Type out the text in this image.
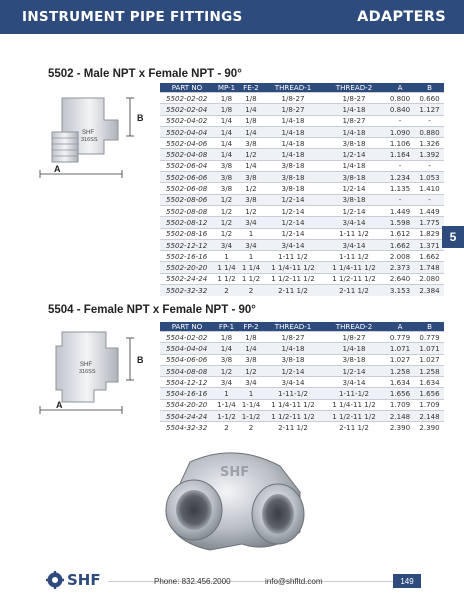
INSTRUMENT PIPE FITTINGS	ADAPTERS
5502 - Male NPT x Female NPT - 90°
SHF
316SS
B
A
PART NO	MP-1	FE-2	THREAD-1	THREAD-2	A	B
5502-02-02	1/8	1/8	1/8-27	1/8-27	0.800	0.660
5502-02-04	1/8	1/4	1/8-27	1/4-18	0.840	1.127
5502-04-02	1/4	1/8	1/4-18	1/8-27	-	-
5502-04-04	1/4	1/4	1/4-18	1/4-18	1.090	0.880
5502-04-06	1/4	3/8	1/4-18	3/8-18	1.106	1.326
5502-04-08	1/4	1/2	1/4-18	1/2-14	1.164	1.392
5502-06-04	3/8	1/4	3/8-18	1/4-18	-	-
5502-06-06	3/8	3/8	3/8-18	3/8-18	1.234	1.053
5502-06-08	3/8	1/2	3/8-18	1/2-14	1.135	1.410
5502-08-06	1/2	3/8	1/2-14	3/8-18	-	-
5502-08-08	1/2	1/2	1/2-14	1/2-14	1.449	1.449
5502-08-12	1/2	3/4	1/2-14	3/4-14	1.598	1.775
5502-08-16	1/2	1	1/2-14	1-11 1/2	1.612	1.829
5502-12-12	3/4	3/4	3/4-14	3/4-14	1.662	1.371
5502-16-16	1	1	1-11 1/2	1-11 1/2	2.008	1.662
5502-20-20	1 1/4	1 1/4	1 1/4-11 1/2	1 1/4-11 1/2	2.373	1.748
5502-24-24	1 1/2	1 1/2	1 1/2-11 1/2	1 1/2-11 1/2	2.640	2.080
5502-32-32	2	2	2-11 1/2	2-11 1/2	3.153	2.384
5
5504 - Female NPT x Female NPT - 90°
SHF
316SS
B
A
PART NO	FP-1	FP-2	THREAD-1	THREAD-2	A	B
5504-02-02	1/8	1/8	1/8-27	1/8-27	0.779	0.779
5504-04-04	1/4	1/4	1/4-18	1/4-18	1.071	1.071
5504-06-06	3/8	3/8	3/8-18	3/8-18	1.027	1.027
5504-08-08	1/2	1/2	1/2-14	1/2-14	1.258	1.258
5504-12-12	3/4	3/4	3/4-14	3/4-14	1.634	1.634
5504-16-16	1	1	1-11-1/2	1-11-1/2	1.656	1.656
5504-20-20	1-1/4	1-1/4	1 1/4-11 1/2	1 1/4-11 1/2	1.709	1.709
5504-24-24	1-1/2	1-1/2	1 1/2-11 1/2	1 1/2-11 1/2	2.148	2.148
5504-32-32	2	2	2-11 1/2	2-11 1/2	2.390	2.390
SHF
SHF	Phone: 832.456.2000	info@shfltd.com	149
